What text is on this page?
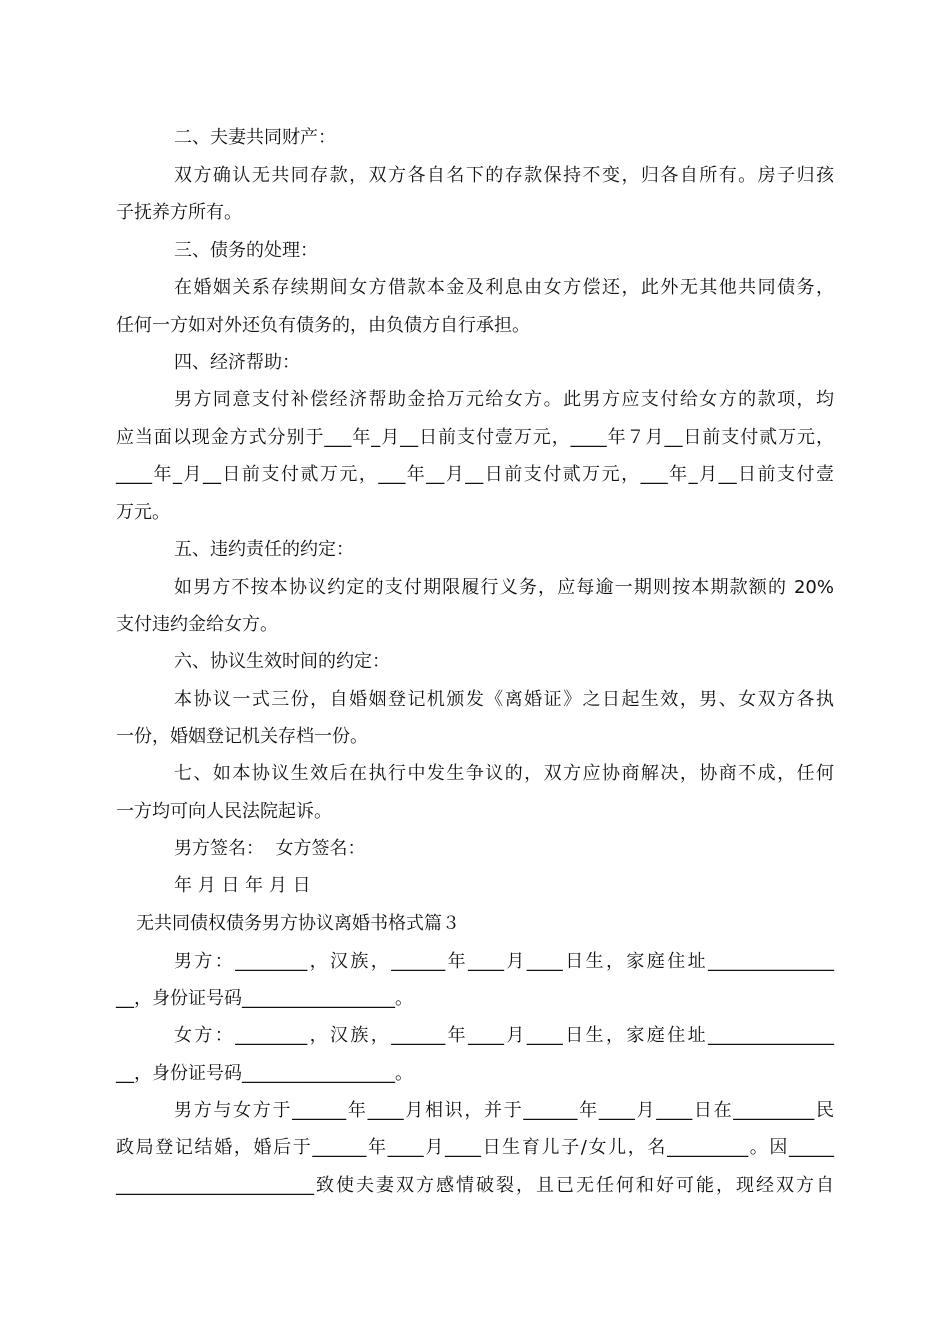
二、夫妻共同财产：

双方确认无共同存款，双方各自名下的存款保持不变，归各自所有。房子归孩

子抚养方所有。

三、债务的处理：

在婚姻关系存续期间女方借款本金及利息由女方偿还，此外无其他共同债务，

任何一方如对外还负有债务的，由负债方自行承担。

四、经济帮助：

男方同意支付补偿经济帮助金拾万元给女方。此男方应支付给女方的款项，均

应当面以现金方式分别于___年_月__日前支付壹万元，____年７月__日前支付贰万元，

____年_月__日前支付贰万元，___年__月__日前支付贰万元，___年_月__日前支付壹

万元。

五、违约责任的约定：

如男方不按本协议约定的支付期限履行义务，应每逾一期则按本期款额的 20%

支付违约金给女方。

六、协议生效时间的约定：

本协议一式三份，自婚姻登记机颁发《离婚证》之日起生效，男、女双方各执

一份，婚姻登记机关存档一份。

七、如本协议生效后在执行中发生争议的，双方应协商解决，协商不成，任何

一方均可向人民法院起诉。

男方签名：  女方签名：

年 月 日 年 月 日

无共同债权债务男方协议离婚书格式篇３

男方：________，汉族，______年____月____日生，家庭住址______________

__，身份证号码_________________。

女方：________，汉族，______年____月____日生，家庭住址______________

__，身份证号码_________________。

男方与女方于______年____月相识，并于______年____月____日在_________民

政局登记结婚，婚后于______年____月____日生育儿子/女儿，名_________。因_____

______________________致使夫妻双方感情破裂，且已无任何和好可能，现经双方自
